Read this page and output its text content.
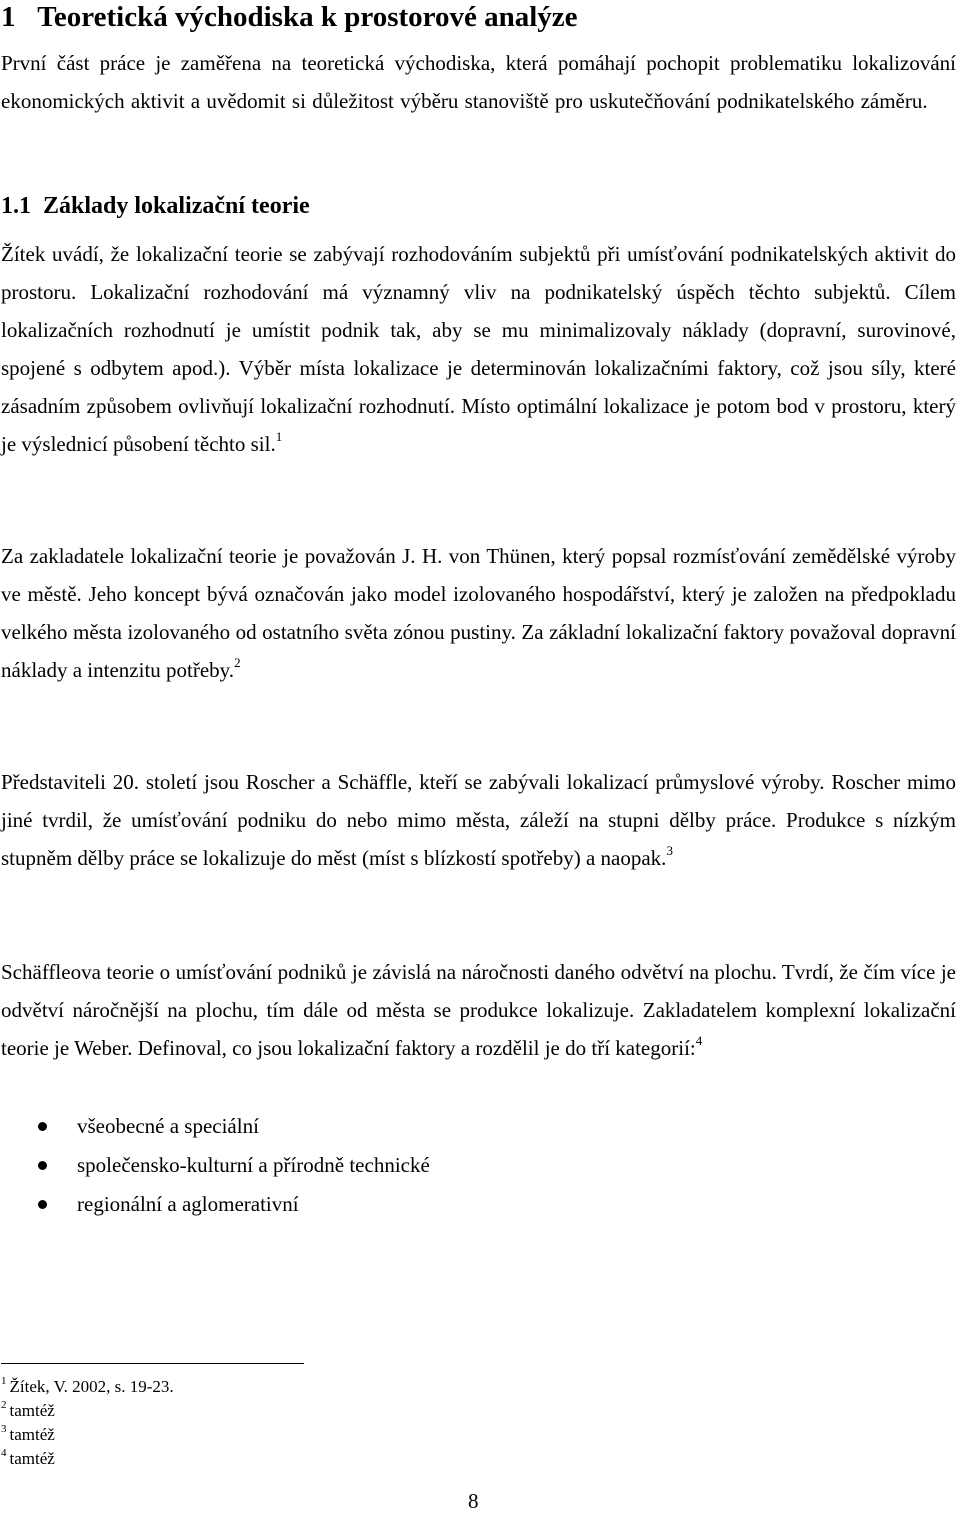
1 Teoretická východiska k prostorové analýze

První část práce je zaměřena na teoretická východiska, která pomáhají pochopit problematiku lokalizování ekonomických aktivit a uvědomit si důležitost výběru stanoviště pro uskutečňování podnikatelského záměru.

1.1 Základy lokalizační teorie

Žítek uvádí, že lokalizační teorie se zabývají rozhodováním subjektů při umísťování podnikatelských aktivit do prostoru. Lokalizační rozhodování má významný vliv na podnikatelský úspěch těchto subjektů. Cílem lokalizačních rozhodnutí je umístit podnik tak, aby se mu minimalizovaly náklady (dopravní, surovinové, spojené s odbytem apod.). Výběr místa lokalizace je determinován lokalizačními faktory, což jsou síly, které zásadním způsobem ovlivňují lokalizační rozhodnutí. Místo optimální lokalizace je potom bod v prostoru, který je výslednicí působení těchto sil.$^1$

Za zakladatele lokalizační teorie je považován J. H. von Thünen, který popsal rozmísťování zemědělské výroby ve městě. Jeho koncept bývá označován jako model izolovaného hospodářství, který je založen na předpokladu velkého města izolovaného od ostatního světa zónou pustiny. Za základní lokalizační faktory považoval dopravní náklady a intenzitu potřeby.$^2$

Představiteli 20. století jsou Roscher a Schäffle, kteří se zabývali lokalizací průmyslové výroby. Roscher mimo jiné tvrdil, že umísťování podniku do nebo mimo města, záleží na stupni dělby práce. Produkce s nízkým stupněm dělby práce se lokalizuje do měst (míst s blízkostí spotřeby) a naopak.$^3$

Schäffleova teorie o umísťování podniků je závislá na náročnosti daného odvětví na plochu. Tvrdí, že čím více je odvětví náročnější na plochu, tím dále od města se produkce lokalizuje. Zakladatelem komplexní lokalizační teorie je Weber. Definoval, co jsou lokalizační faktory a rozdělil je do tří kategorií:$^4$

všeobecné a speciální
společensko-kulturní a přírodně technické
regionální a aglomerativní
$^1$ Žítek, V. 2002, s. 19-23.
$^2$ tamtéž
$^3$ tamtéž
$^4$ tamtéž
8
